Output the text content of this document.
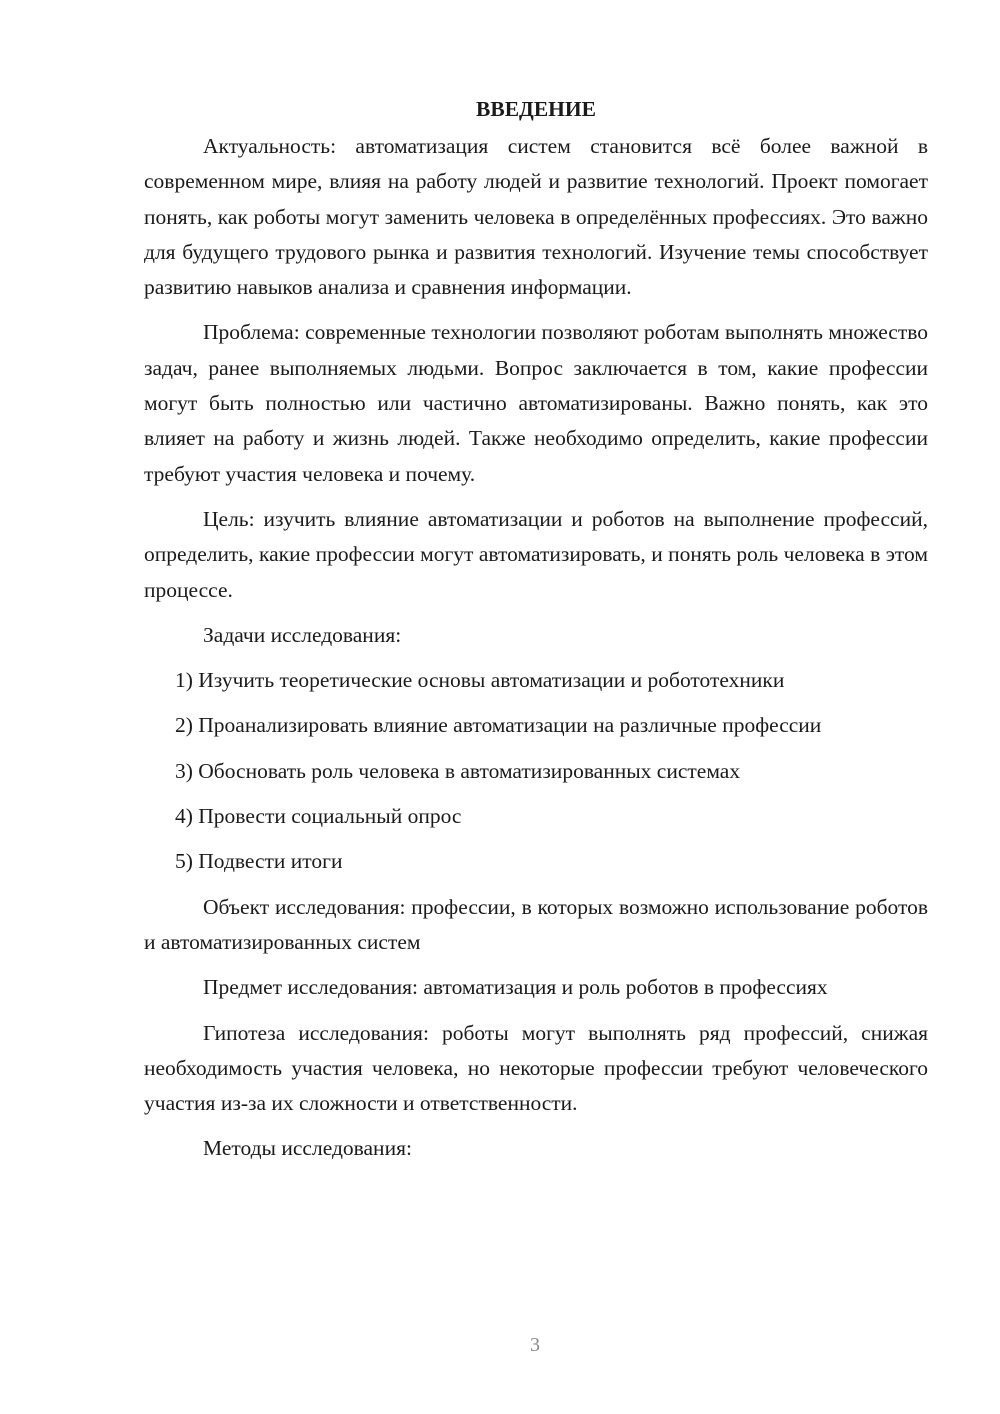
ВВЕДЕНИЕ

Актуальность: автоматизация систем становится всё более важной в современном мире, влияя на работу людей и развитие технологий. Проект помогает понять, как роботы могут заменить человека в определённых профессиях. Это важно для будущего трудового рынка и развития технологий. Изучение темы способствует развитию навыков анализа и сравнения информации.

Проблема: современные технологии позволяют роботам выполнять множество задач, ранее выполняемых людьми. Вопрос заключается в том, какие профессии могут быть полностью или частично автоматизированы. Важно понять, как это влияет на работу и жизнь людей. Также необходимо определить, какие профессии требуют участия человека и почему.

Цель: изучить влияние автоматизации и роботов на выполнение профессий, определить, какие профессии могут автоматизировать, и понять роль человека в этом процессе.

Задачи исследования:

1) Изучить теоретические основы автоматизации и робототехники

2) Проанализировать влияние автоматизации на различные профессии

3) Обосновать роль человека в автоматизированных системах

4) Провести социальный опрос

5) Подвести итоги

Объект исследования: профессии, в которых возможно использование роботов и автоматизированных систем

Предмет исследования: автоматизация и роль роботов в профессиях

Гипотеза исследования: роботы могут выполнять ряд профессий, снижая необходимость участия человека, но некоторые профессии требуют человеческого участия из-за их сложности и ответственности.

Методы исследования:

3
